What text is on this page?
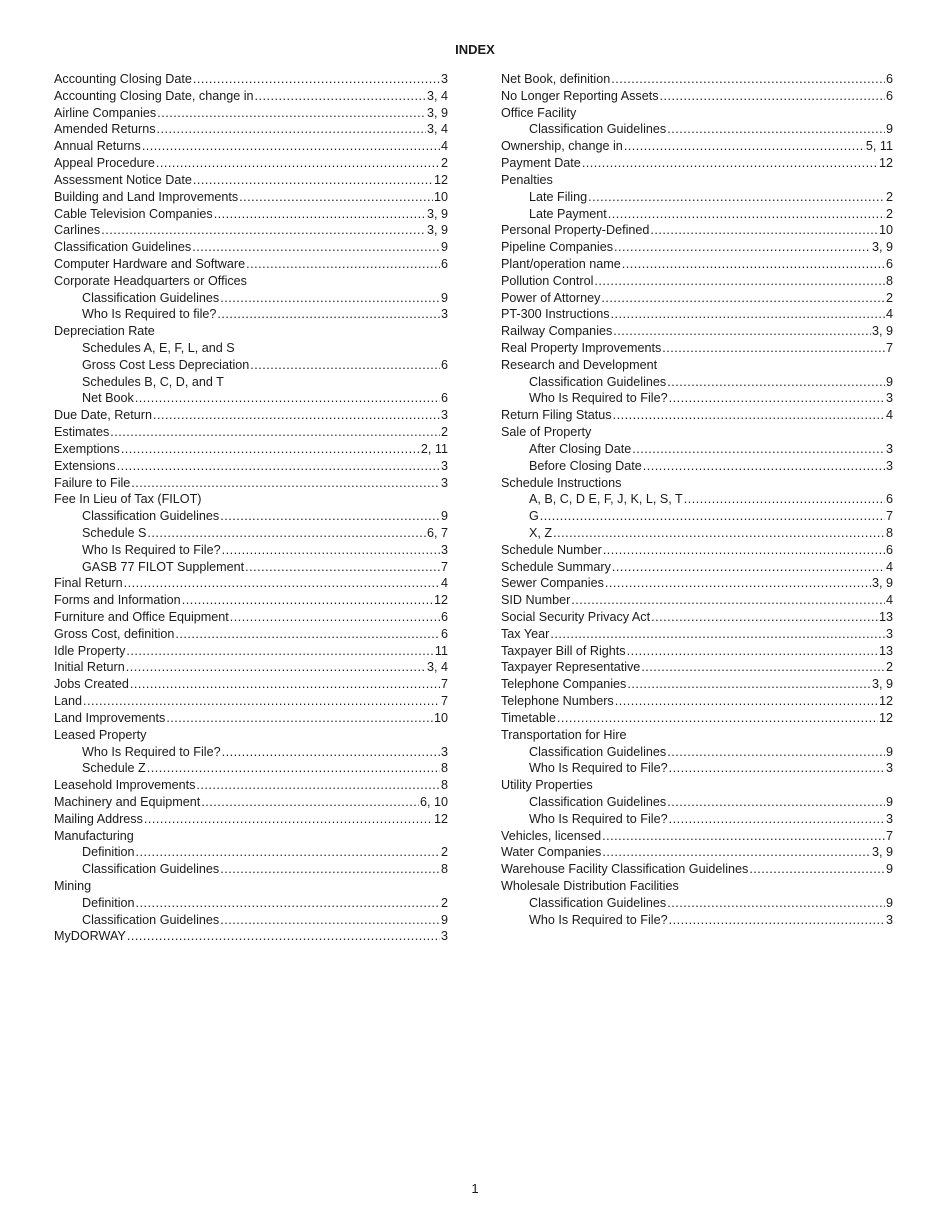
INDEX
Accounting Closing Date . . .	3
Accounting Closing Date, change in . . .	3, 4
Airline Companies . . .	3, 9
Amended Returns . . .	3, 4
Annual Returns . . .	4
Appeal Procedure . . .	2
Assessment Notice Date . . .	12
Building and Land Improvements . . .	10
Cable Television Companies . . .	3, 9
Carlines . . .	3, 9
Classification Guidelines . . .	9
Computer Hardware and Software . . .	6
Corporate Headquarters or Offices
Classification Guidelines . . .	9
Who Is Required to file? . . .	3
Depreciation Rate
Schedules A, E, F, L, and S
Gross Cost Less Depreciation . . .	6
Schedules B, C, D, and T
Net Book . . .	6
Due Date, Return . . .	3
Estimates . . .	2
Exemptions . . .	2, 11
Extensions . . .	3
Failure to File . . .	3
Fee In Lieu of Tax (FILOT)
Classification Guidelines . . .	9
Schedule S . . .	6, 7
Who Is Required to File? . . .	3
GASB 77 FILOT Supplement . . .	7
Final Return . . .	4
Forms and Information . . .	12
Furniture and Office Equipment . . .	6
Gross Cost, definition . . .	6
Idle Property . . .	11
Initial Return . . .	3, 4
Jobs Created . . .	7
Land . . .	7
Land Improvements . . .	10
Leased Property
Who Is Required to File? . . .	3
Schedule Z . . .	8
Leasehold Improvements . . .	8
Machinery and Equipment . . .	6, 10
Mailing Address . . .	12
Manufacturing
Definition . . .	2
Classification Guidelines . . .	8
Mining
Definition . . .	2
Classification Guidelines . . .	9
MyDORWAY . . .	3
Net Book, definition . . .	6
No Longer Reporting Assets . . .	6
Office Facility
Classification Guidelines . . .	9
Ownership, change in . . .	5, 11
Payment Date . . .	12
Penalties
Late Filing . . .	2
Late Payment . . .	2
Personal Property-Defined . . .	10
Pipeline Companies . . .	3, 9
Plant/operation name . . .	6
Pollution Control . . .	8
Power of Attorney . . .	2
PT-300 Instructions . . .	4
Railway Companies . . .	3, 9
Real Property Improvements . . .	7
Research and Development
Classification Guidelines . . .	9
Who Is Required to File? . . .	3
Return Filing Status . . .	4
Sale of Property
After Closing Date . . .	3
Before Closing Date . . .	3
Schedule Instructions
A, B, C, D E, F, J, K, L, S, T . . .	6
G . . .	7
X, Z . . .	8
Schedule Number . . .	6
Schedule Summary . . .	4
Sewer Companies . . .	3, 9
SID Number . . .	4
Social Security Privacy Act . . .	13
Tax Year . . .	3
Taxpayer Bill of Rights . . .	13
Taxpayer Representative . . .	2
Telephone Companies . . .	3, 9
Telephone Numbers . . .	12
Timetable . . .	12
Transportation for Hire
Classification Guidelines . . .	9
Who Is Required to File? . . .	3
Utility Properties
Classification Guidelines . . .	9
Who Is Required to File? . . .	3
Vehicles, licensed . . .	7
Water Companies . . .	3, 9
Warehouse Facility Classification Guidelines . . .	9
Wholesale Distribution Facilities
Classification Guidelines . . .	9
Who Is Required to File? . . .	3
1
